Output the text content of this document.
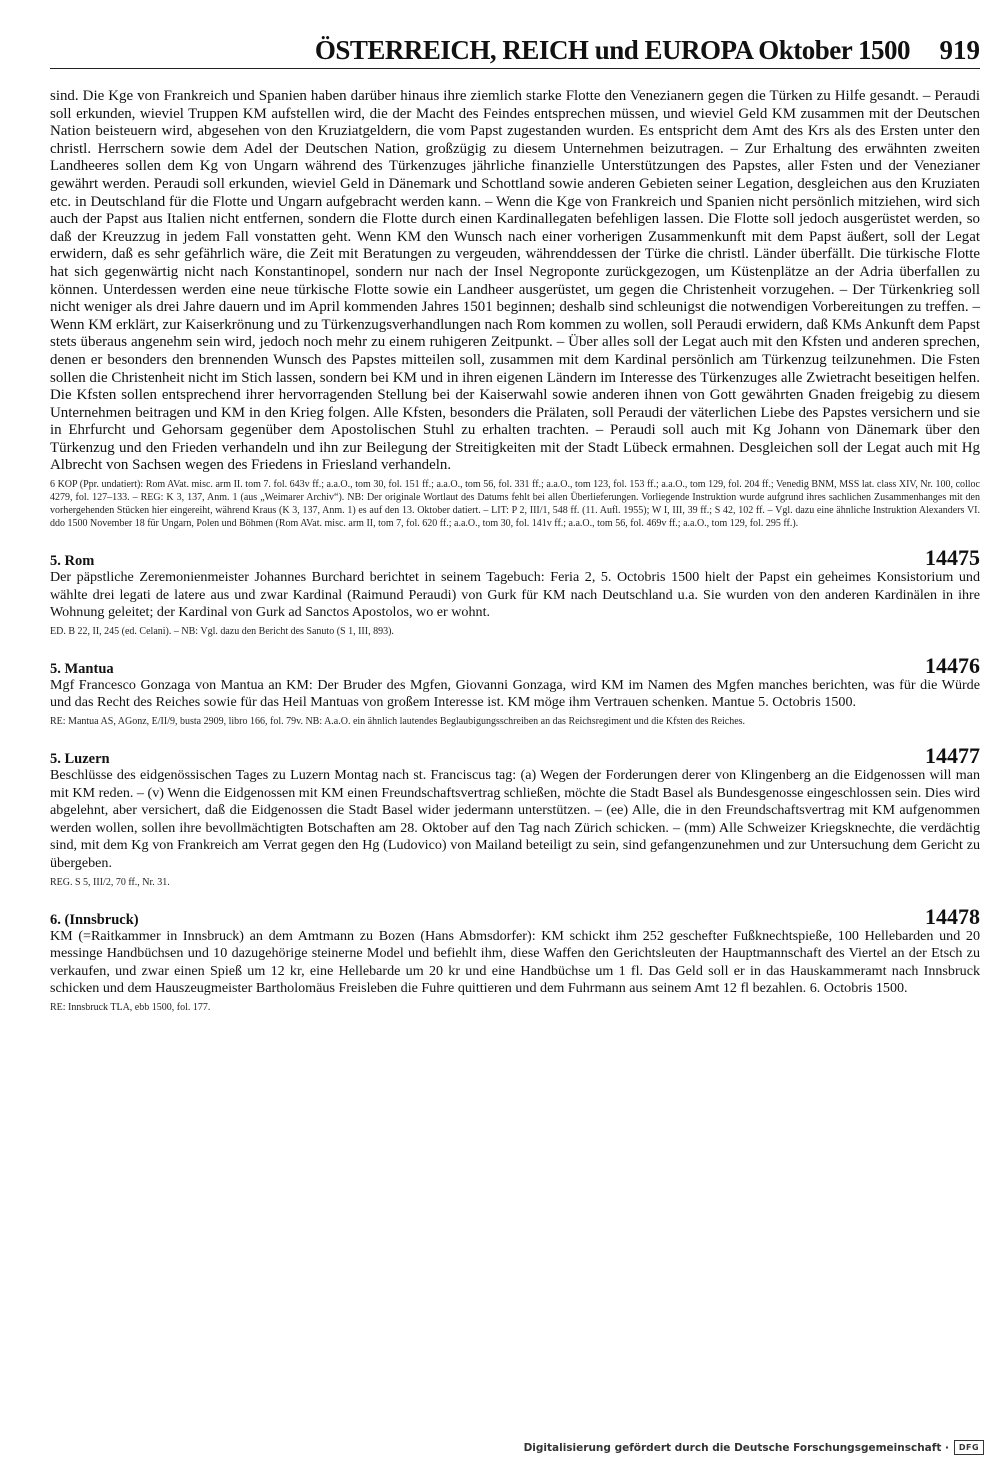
ÖSTERREICH, REICH und EUROPA Oktober 1500 919

sind. Die Kge von Frankreich und Spanien haben darüber hinaus ihre ziemlich starke Flotte den Venezianern gegen die Türken zu Hilfe gesandt. – Peraudi soll erkunden, wieviel Truppen KM aufstellen wird, die der Macht des Feindes entsprechen müssen, und wieviel Geld KM zusammen mit der Deutschen Nation beisteuern wird, abgesehen von den Kruziatgeldern, die vom Papst zugestanden wurden. Es entspricht dem Amt des Krs als des Ersten unter den christl. Herrschern sowie dem Adel der Deutschen Nation, großzügig zu diesem Unternehmen beizutragen. – Zur Erhaltung des erwähnten zweiten Landheeres sollen dem Kg von Ungarn während des Türkenzuges jährliche finanzielle Unterstützungen des Papstes, aller Fsten und der Venezianer gewährt werden. Peraudi soll erkunden, wieviel Geld in Dänemark und Schottland sowie anderen Gebieten seiner Legation, desgleichen aus den Kruziaten etc. in Deutschland für die Flotte und Ungarn aufgebracht werden kann. – Wenn die Kge von Frankreich und Spanien nicht persönlich mitziehen, wird sich auch der Papst aus Italien nicht entfernen, sondern die Flotte durch einen Kardinallegaten befehligen lassen. Die Flotte soll jedoch ausgerüstet werden, so daß der Kreuzzug in jedem Fall vonstatten geht. Wenn KM den Wunsch nach einer vorherigen Zusammenkunft mit dem Papst äußert, soll der Legat erwidern, daß es sehr gefährlich wäre, die Zeit mit Beratungen zu vergeuden, währenddessen der Türke die christl. Länder überfällt. Die türkische Flotte hat sich gegenwärtig nicht nach Konstantinopel, sondern nur nach der Insel Negroponte zurückgezogen, um Küstenplätze an der Adria überfallen zu können. Unterdessen werden eine neue türkische Flotte sowie ein Landheer ausgerüstet, um gegen die Christenheit vorzugehen. – Der Türkenkrieg soll nicht weniger als drei Jahre dauern und im April kommenden Jahres 1501 beginnen; deshalb sind schleunigst die notwendigen Vorbereitungen zu treffen. – Wenn KM erklärt, zur Kaiserkrönung und zu Türkenzugsverhandlungen nach Rom kommen zu wollen, soll Peraudi erwidern, daß KMs Ankunft dem Papst stets überaus angenehm sein wird, jedoch noch mehr zu einem ruhigeren Zeitpunkt. – Über alles soll der Legat auch mit den Kfsten und anderen sprechen, denen er besonders den brennenden Wunsch des Papstes mitteilen soll, zusammen mit dem Kardinal persönlich am Türkenzug teilzunehmen. Die Fsten sollen die Christenheit nicht im Stich lassen, sondern bei KM und in ihren eigenen Ländern im Interesse des Türkenzuges alle Zwietracht beseitigen helfen. Die Kfsten sollen entsprechend ihrer hervorragenden Stellung bei der Kaiserwahl sowie anderen ihnen von Gott gewährten Gnaden freigebig zu diesem Unternehmen beitragen und KM in den Krieg folgen. Alle Kfsten, besonders die Prälaten, soll Peraudi der väterlichen Liebe des Papstes versichern und sie in Ehrfurcht und Gehorsam gegenüber dem Apostolischen Stuhl zu erhalten trachten. – Peraudi soll auch mit Kg Johann von Dänemark über den Türkenzug und den Frieden verhandeln und ihn zur Beilegung der Streitigkeiten mit der Stadt Lübeck ermahnen. Desgleichen soll der Legat auch mit Hg Albrecht von Sachsen wegen des Friedens in Friesland verhandeln.

6 KOP (Ppr. undatiert): Rom AVat. misc. arm II. tom 7. fol. 643v ff.; a.a.O., tom 30, fol. 151 ff.; a.a.O., tom 56, fol. 331 ff.; a.a.O., tom 123, fol. 153 ff.; a.a.O., tom 129, fol. 204 ff.; Venedig BNM, MSS lat. class XIV, Nr. 100, colloc 4279, fol. 127–133. – REG: K 3, 137, Anm. 1 (aus „Weimarer Archiv“). NB: Der originale Wortlaut des Datums fehlt bei allen Überlieferungen. Vorliegende Instruktion wurde aufgrund ihres sachlichen Zusammenhanges mit den vorhergehenden Stücken hier eingereiht, während Kraus (K 3, 137, Anm. 1) es auf den 13. Oktober datiert. – LIT: P 2, III/1, 548 ff. (11. Aufl. 1955); W I, III, 39 ff.; S 42, 102 ff. – Vgl. dazu eine ähnliche Instruktion Alexanders VI. ddo 1500 November 18 für Ungarn, Polen und Böhmen (Rom AVat. misc. arm II, tom 7, fol. 620 ff.; a.a.O., tom 30, fol. 141v ff.; a.a.O., tom 56, fol. 469v ff.; a.a.O., tom 129, fol. 295 ff.).

5. Rom	14475

Der päpstliche Zeremonienmeister Johannes Burchard berichtet in seinem Tagebuch: Feria 2, 5. Octobris 1500 hielt der Papst ein geheimes Konsistorium und wählte drei legati de latere aus und zwar Kardinal (Raimund Peraudi) von Gurk für KM nach Deutschland u.a. Sie wurden von den anderen Kardinälen in ihre Wohnung geleitet; der Kardinal von Gurk ad Sanctos Apostolos, wo er wohnt.

ED. B 22, II, 245 (ed. Celani). – NB: Vgl. dazu den Bericht des Sanuto (S 1, III, 893).

5. Mantua	14476

Mgf Francesco Gonzaga von Mantua an KM: Der Bruder des Mgfen, Giovanni Gonzaga, wird KM im Namen des Mgfen manches berichten, was für die Würde und das Recht des Reiches sowie für das Heil Mantuas von großem Interesse ist. KM möge ihm Vertrauen schenken. Mantue 5. Octobris 1500.

RE: Mantua AS, AGonz, E/II/9, busta 2909, libro 166, fol. 79v. NB: A.a.O. ein ähnlich lautendes Beglaubigungsschreiben an das Reichsregiment und die Kfsten des Reiches.

5. Luzern	14477

Beschlüsse des eidgenössischen Tages zu Luzern Montag nach st. Franciscus tag: (a) Wegen der Forderungen derer von Klingenberg an die Eidgenossen will man mit KM reden. – (v) Wenn die Eidgenossen mit KM einen Freundschaftsvertrag schließen, möchte die Stadt Basel als Bundesgenosse eingeschlossen sein. Dies wird abgelehnt, aber versichert, daß die Eidgenossen die Stadt Basel wider jedermann unterstützen. – (ee) Alle, die in den Freundschaftsvertrag mit KM aufgenommen werden wollen, sollen ihre bevollmächtigten Botschaften am 28. Oktober auf den Tag nach Zürich schicken. – (mm) Alle Schweizer Kriegsknechte, die verdächtig sind, mit dem Kg von Frankreich am Verrat gegen den Hg (Ludovico) von Mailand beteiligt zu sein, sind gefangenzunehmen und zur Untersuchung dem Gericht zu übergeben.

REG. S 5, III/2, 70 ff., Nr. 31.

6. (Innsbruck)	14478

KM (=Raitkammer in Innsbruck) an dem Amtmann zu Bozen (Hans Abmsdorfer): KM schickt ihm 252 geschefter Fußknechtspieße, 100 Hellebarden und 20 messinge Handbüchsen und 10 dazugehörige steinerne Model und befiehlt ihm, diese Waffen den Gerichtsleuten der Hauptmannschaft des Viertel an der Etsch zu verkaufen, und zwar einen Spieß um 12 kr, eine Hellebarde um 20 kr und eine Handbüchse um 1 fl. Das Geld soll er in das Hauskammeramt nach Innsbruck schicken und dem Hauszeugmeister Bartholomäus Freisleben die Fuhre quittieren und dem Fuhrmann aus seinem Amt 12 fl bezahlen. 6. Octobris 1500.

RE: Innsbruck TLA, ebb 1500, fol. 177.

Digitalisierung gefördert durch die Deutsche Forschungsgemeinschaft ·	DFG
